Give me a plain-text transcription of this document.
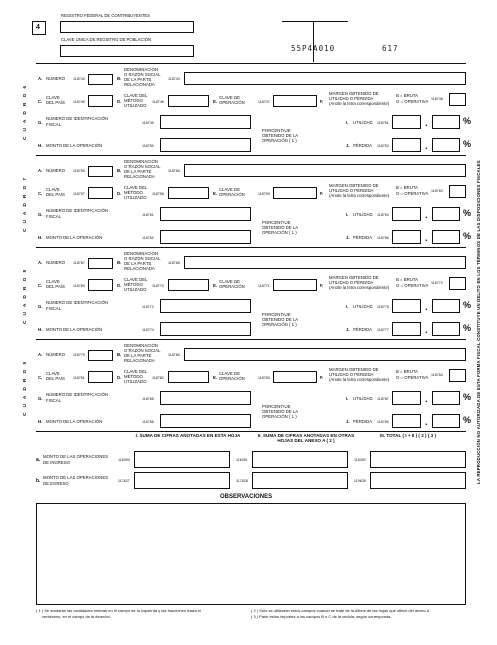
4
REGISTRO FEDERAL DE CONTRIBUYENTES
CLAVE ÚNICA DE REGISTRO DE POBLACIÓN
55P4A010	617
LA REPRODUCCIÓN NO AUTORIZADA DE ESTA FORMA FISCAL CONSTITUYE UN DELITO EN LOS TÉRMINOS DE LAS DISPOSICIONES FISCALES
C U A D R O 6
A. NÚMERO 118743	B.
DENOMINACIÓN
O RAZÓN SOCIAL
DE LA PARTE
RELACIONADA
118744
C.
CLAVE
DEL PAÍS 118745	D.
CLAVE DEL
MÉTODO
UTILIZADO
118746	E.
CLAVE DE
OPERACIÓN	118747	F.
MARGEN OBTENIDO DE
UTILIDAD O PÉRDIDA
(Anote la letra correspondiente)
B = BRUTA
O = OPERATIVA 118748
G.
NÚMERO DE IDENTIFICACIÓN
FISCAL	118749
PORCENTAJE
OBTENIDO DE LA
OPERACIÓN ( 1 )
I. UTILIDAD 118751	.	%
H. MONTO DE LA OPERACIÓN	118750	J. PÉRDIDA 118753	.	%
C U A D R O 7
A. NÚMERO 118755	B.
DENOMINACIÓN
O RAZÓN SOCIAL
DE LA PARTE
RELACIONADA
118756
C.
CLAVE
DEL PAÍS 118757	D.
CLAVE DEL
MÉTODO
UTILIZADO
118758	E.
CLAVE DE
OPERACIÓN	118759	F.
MARGEN OBTENIDO DE
UTILIDAD O PÉRDIDA
(Anote la letra correspondiente)
B = BRUTA
O = OPERATIVA 118760
G.
NÚMERO DE IDENTIFICACIÓN
FISCAL	118761
PORCENTAJE
OBTENIDO DE LA
OPERACIÓN ( 1 )
I. UTILIDAD 118763	.	%
H. MONTO DE LA OPERACIÓN	118762	J. PÉRDIDA 118765	.	%
C U A D R O 8
A. NÚMERO 118767	B.
DENOMINACIÓN
O RAZÓN SOCIAL
DE LA PARTE
RELACIONADA
118768
C.
CLAVE
DEL PAÍS 118769	D.
CLAVE DEL
MÉTODO
UTILIZADO
118770	E.
CLAVE DE
OPERACIÓN	118771	F.
MARGEN OBTENIDO DE
UTILIDAD O PÉRDIDA
(Anote la letra correspondiente)
B = BRUTA
O = OPERATIVA 118772
G.
NÚMERO DE IDENTIFICACIÓN
FISCAL	118773
PORCENTAJE
OBTENIDO DE LA
OPERACIÓN ( 1 )
I. UTILIDAD 118775	.	%
H. MONTO DE LA OPERACIÓN	118774	J. PÉRDIDA 118777	.	%
C U A D R O 9
A. NÚMERO 118779	B.
DENOMINACIÓN
O RAZÓN SOCIAL
DE LA PARTE
RELACIONADA
118780
C.
CLAVE
DEL PAÍS 118781	D.
CLAVE DEL
MÉTODO
UTILIZADO
118782	E.
CLAVE DE
OPERACIÓN	118783	F.
MARGEN OBTENIDO DE
UTILIDAD O PÉRDIDA
(Anote la letra correspondiente)
B = BRUTA
O = OPERATIVA 118784
G.
NÚMERO DE IDENTIFICACIÓN
FISCAL	118785
PORCENTAJE
OBTENIDO DE LA
OPERACIÓN ( 1 )
I. UTILIDAD 118787	.	%
H. MONTO DE LA OPERACIÓN	118786	J. PÉRDIDA 118789	.	%
I. SUMA DE CIFRAS ANOTADAS EN ESTA HOJA	II. SUMA DE CIFRAS ANOTADAS EN OTRAS HOJAS DEL ANEXO A ( 2 )
III. TOTAL ( I + II ) ( 2 ) ( 3 )
a.
MONTO DE LAS OPERACIONES
DE INGRESO
b.
MONTO DE LAS OPERACIONES
DE EGRESO
116390	116391	116392
117627	117628	119635
OBSERVACIONES
( 1 ) Se anotarán las cantidades enteras en el campo de la izquierda y las fracciones hasta el
centésimo, en el campo de la derecha.
( 2 ) Sólo se utilizarán estos campos cuando se trate de la última de las hojas que utilice del anexo A.
( 3 ) Pase estos importes a los campos B o C de la cédula, según corresponda.
